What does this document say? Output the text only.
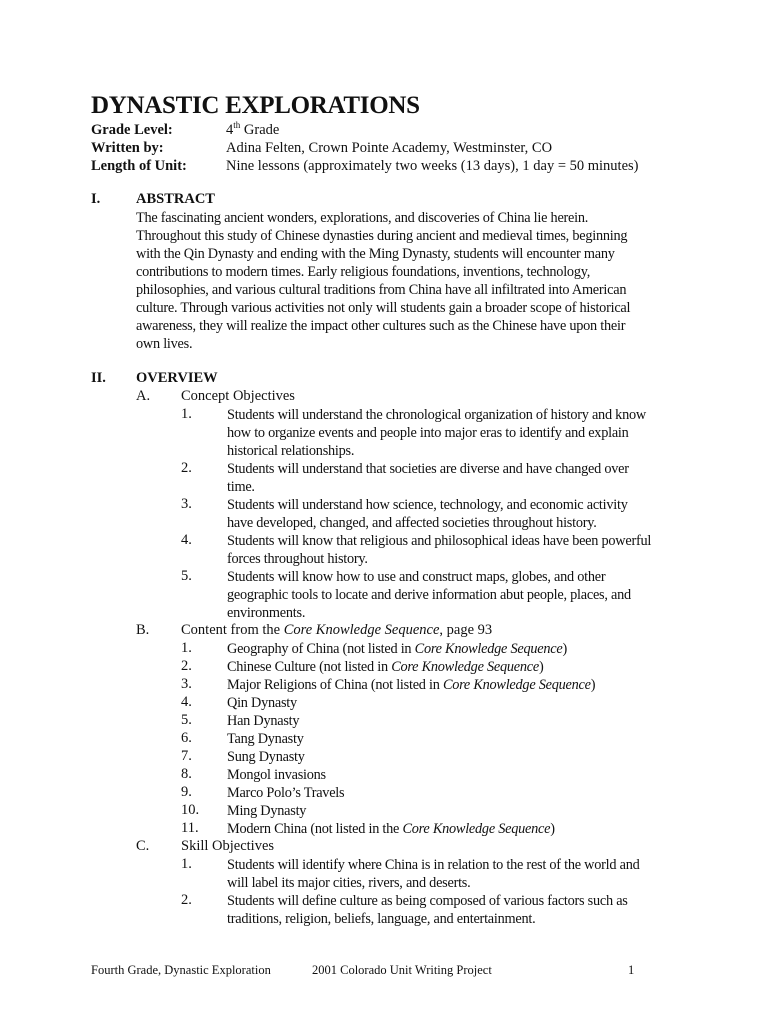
DYNASTIC EXPLORATIONS
Grade Level:	4th Grade
Written by:	Adina Felten, Crown Pointe Academy, Westminster, CO
Length of Unit:	Nine lessons (approximately two weeks (13 days), 1 day = 50 minutes)
I. ABSTRACT
The fascinating ancient wonders, explorations, and discoveries of China lie herein. Throughout this study of Chinese dynasties during ancient and medieval times, beginning with the Qin Dynasty and ending with the Ming Dynasty, students will encounter many contributions to modern times. Early religious foundations, inventions, technology, philosophies, and various cultural traditions from China have all infiltrated into American culture. Through various activities not only will students gain a broader scope of historical awareness, they will realize the impact other cultures such as the Chinese have upon their own lives.
II. OVERVIEW
A. Concept Objectives
1. Students will understand the chronological organization of history and know how to organize events and people into major eras to identify and explain historical relationships.
2. Students will understand that societies are diverse and have changed over time.
3. Students will understand how science, technology, and economic activity have developed, changed, and affected societies throughout history.
4. Students will know that religious and philosophical ideas have been powerful forces throughout history.
5. Students will know how to use and construct maps, globes, and other geographic tools to locate and derive information abut people, places, and environments.
B. Content from the Core Knowledge Sequence, page 93
1. Geography of China (not listed in Core Knowledge Sequence)
2. Chinese Culture (not listed in Core Knowledge Sequence)
3. Major Religions of China (not listed in Core Knowledge Sequence)
4. Qin Dynasty
5. Han Dynasty
6. Tang Dynasty
7. Sung Dynasty
8. Mongol invasions
9. Marco Polo’s Travels
10. Ming Dynasty
11. Modern China (not listed in the Core Knowledge Sequence)
C. Skill Objectives
1. Students will identify where China is in relation to the rest of the world and will label its major cities, rivers, and deserts.
2. Students will define culture as being composed of various factors such as traditions, religion, beliefs, language, and entertainment.
Fourth Grade, Dynastic Exploration	2001 Colorado Unit Writing Project	1
